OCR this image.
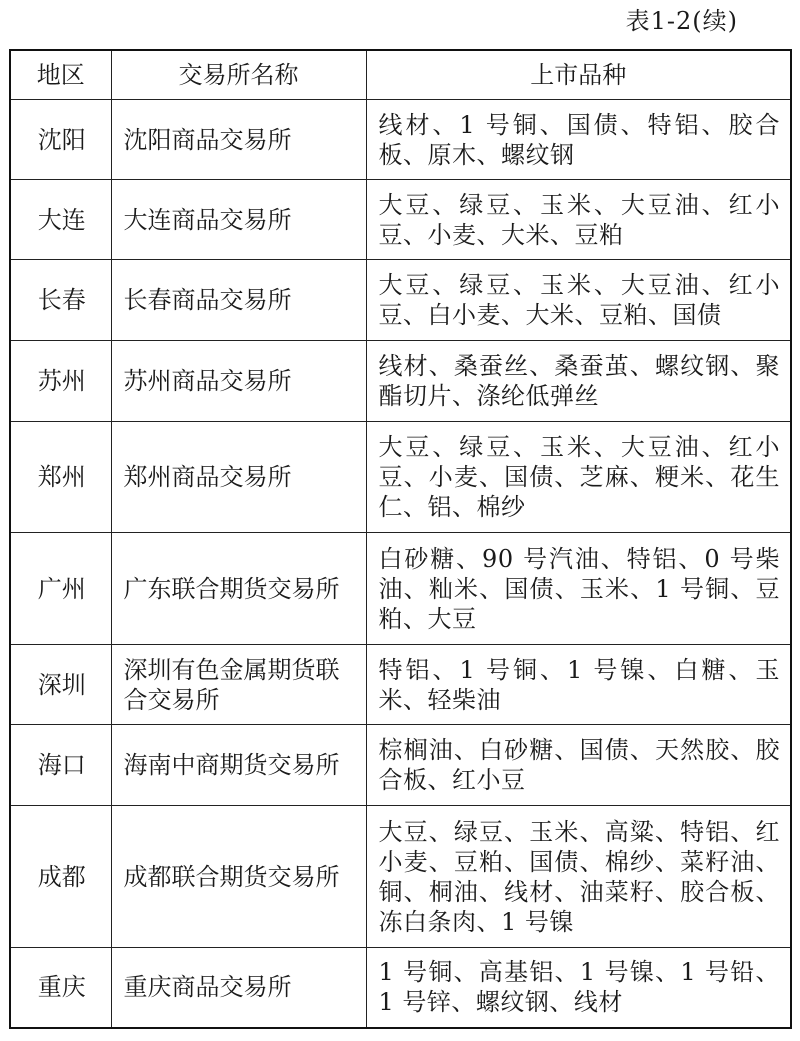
表1-2(续)
地区	交易所名称	上市品种
沈阳	沈阳商品交易所	线材、1 号铜、国债、特铝、胶合板、原木、螺纹钢
大连	大连商品交易所	大豆、绿豆、玉米、大豆油、红小豆、小麦、大米、豆粕
长春	长春商品交易所	大豆、绿豆、玉米、大豆油、红小豆、白小麦、大米、豆粕、国债
苏州	苏州商品交易所	线材、桑蚕丝、桑蚕茧、螺纹钢、聚酯切片、涤纶低弹丝
郑州	郑州商品交易所	大豆、绿豆、玉米、大豆油、红小豆、小麦、国债、芝麻、粳米、花生仁、铝、棉纱
广州	广东联合期货交易所	白砂糖、90 号汽油、特铝、0 号柴油、籼米、国债、玉米、1 号铜、豆粕、大豆
深圳	深圳有色金属期货联合交易所	特铝、1 号铜、1 号镍、白糖、玉米、轻柴油
海口	海南中商期货交易所	棕榈油、白砂糖、国债、天然胶、胶合板、红小豆
成都	成都联合期货交易所	大豆、绿豆、玉米、高粱、特铝、红小麦、豆粕、国债、棉纱、菜籽油、铜、桐油、线材、油菜籽、胶合板、冻白条肉、1 号镍
重庆	重庆商品交易所	1 号铜、高基铝、1 号镍、1 号铅、1 号锌、螺纹钢、线材
